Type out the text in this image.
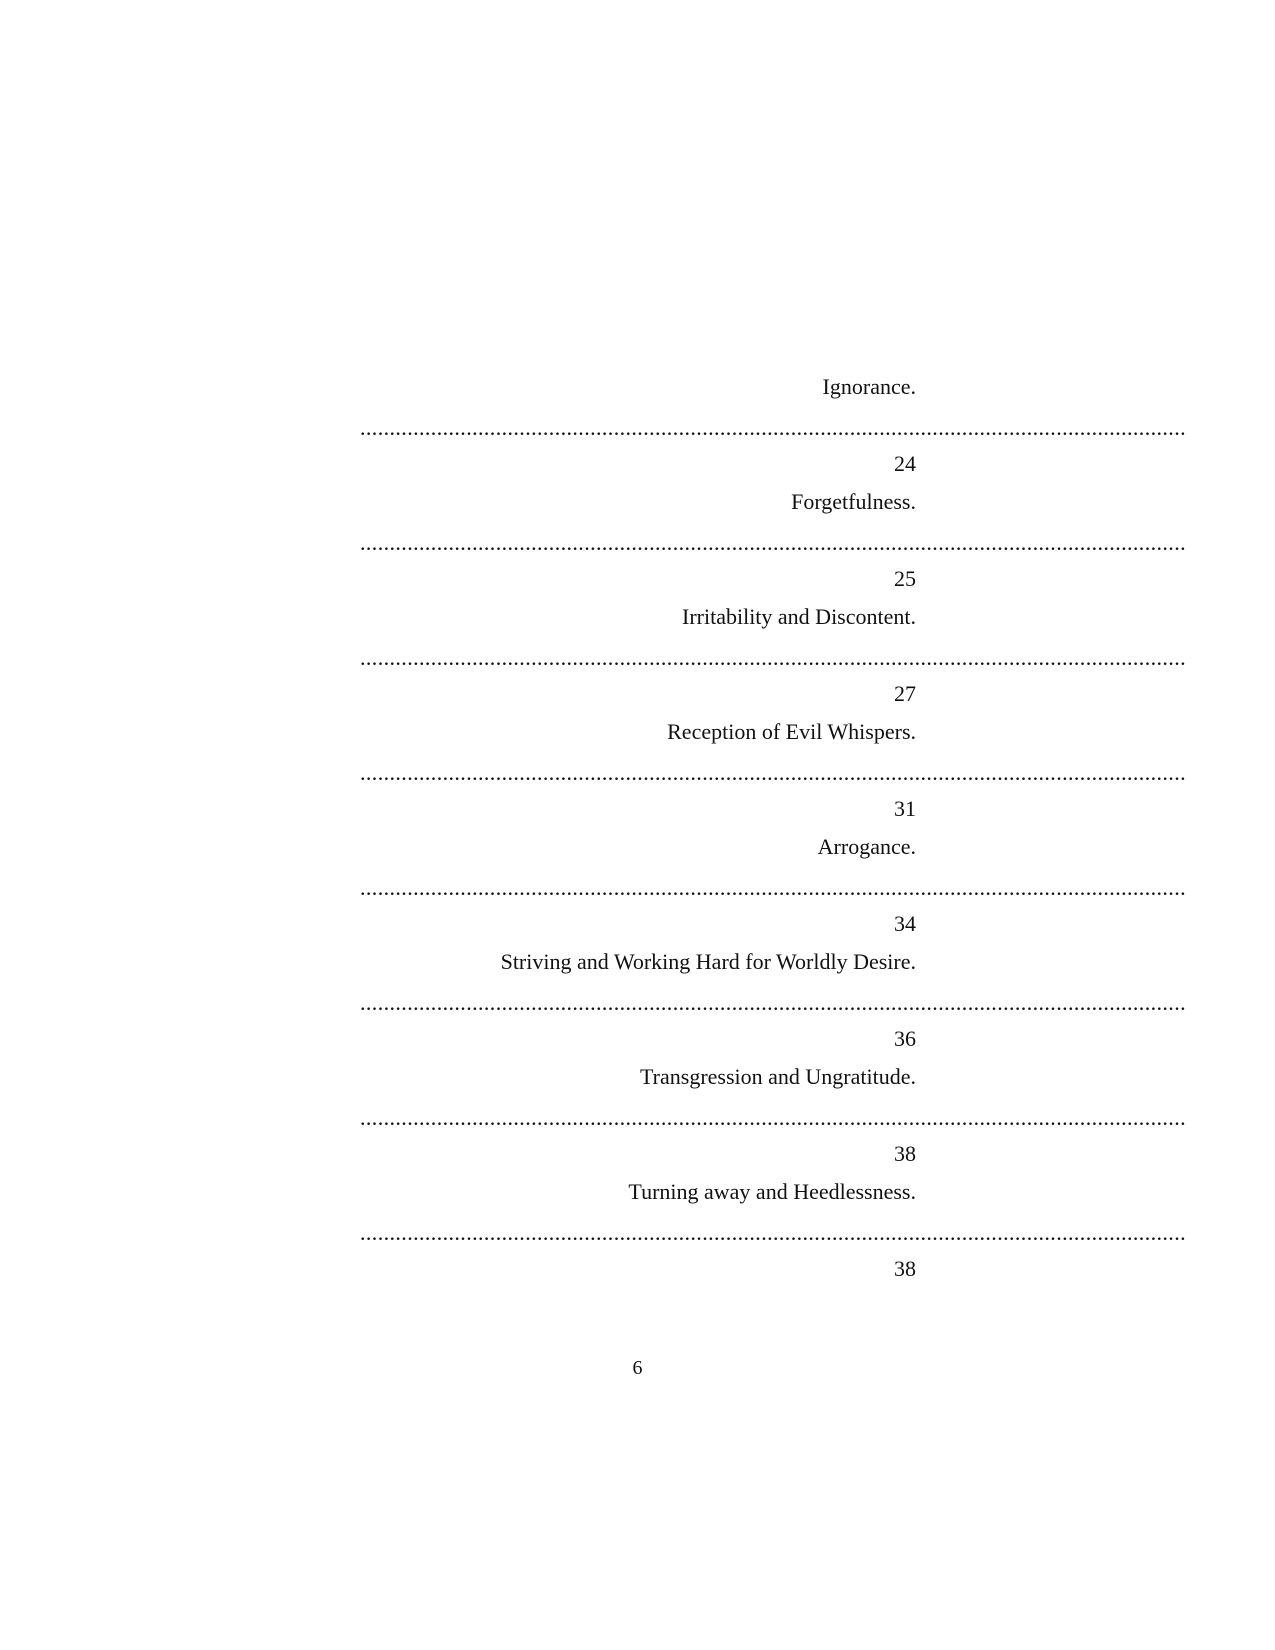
Ignorance.
............................................................................................................................................
24
Forgetfulness.
............................................................................................................................................
25
Irritability and Discontent.
............................................................................................................................................
27
Reception of Evil Whispers.
............................................................................................................................................
31
Arrogance.
............................................................................................................................................
34
Striving and Working Hard for Worldly Desire.
............................................................................................................................................
36
Transgression and Ungratitude.
............................................................................................................................................
38
Turning away and Heedlessness.
............................................................................................................................................
38
6
